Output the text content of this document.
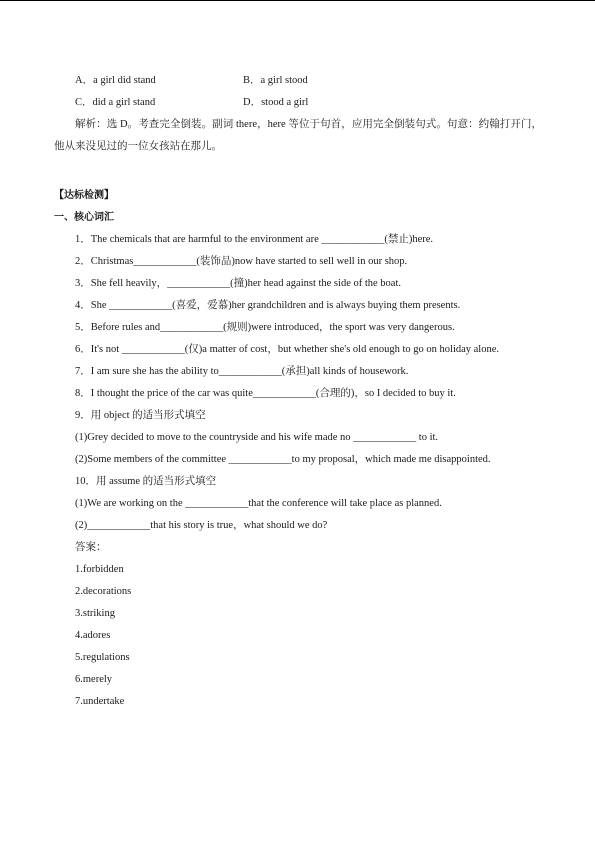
A．a girl did stand	B．a girl stood
C．did a girl stand	D．stood a girl
解析：选 D。考查完全倒装。副词 there，here 等位于句首，应用完全倒装句式。句意：约翰打开门，他从来没见过的一位女孩站在那儿。
【达标检测】
一、核心词汇
1．The chemicals that are harmful to the environment are ____________(禁止)here.
2．Christmas____________(装饰品)now have started to sell well in our shop.
3．She fell heavily，____________(撞)her head against the side of the boat.
4．She ____________(喜爱，爱慕)her grandchildren and is always buying them presents.
5．Before rules and____________(规则)were introduced，the sport was very dangerous.
6．It's not ____________(仅)a matter of cost，but whether she's old enough to go on holiday alone.
7．I am sure she has the ability to____________(承担)all kinds of housework.
8．I thought the price of the car was quite____________(合理的)，so I decided to buy it.
9．用 object 的适当形式填空
(1)Grey decided to move to the countryside and his wife made no ____________ to it.
(2)Some members of the committee ____________to my proposal，which made me disappointed.
10．用 assume 的适当形式填空
(1)We are working on the ____________that the conference will take place as planned.
(2)____________that his story is true，what should we do?
答案：
1.forbidden
2.decorations
3.striking
4.adores
5.regulations
6.merely
7.undertake
